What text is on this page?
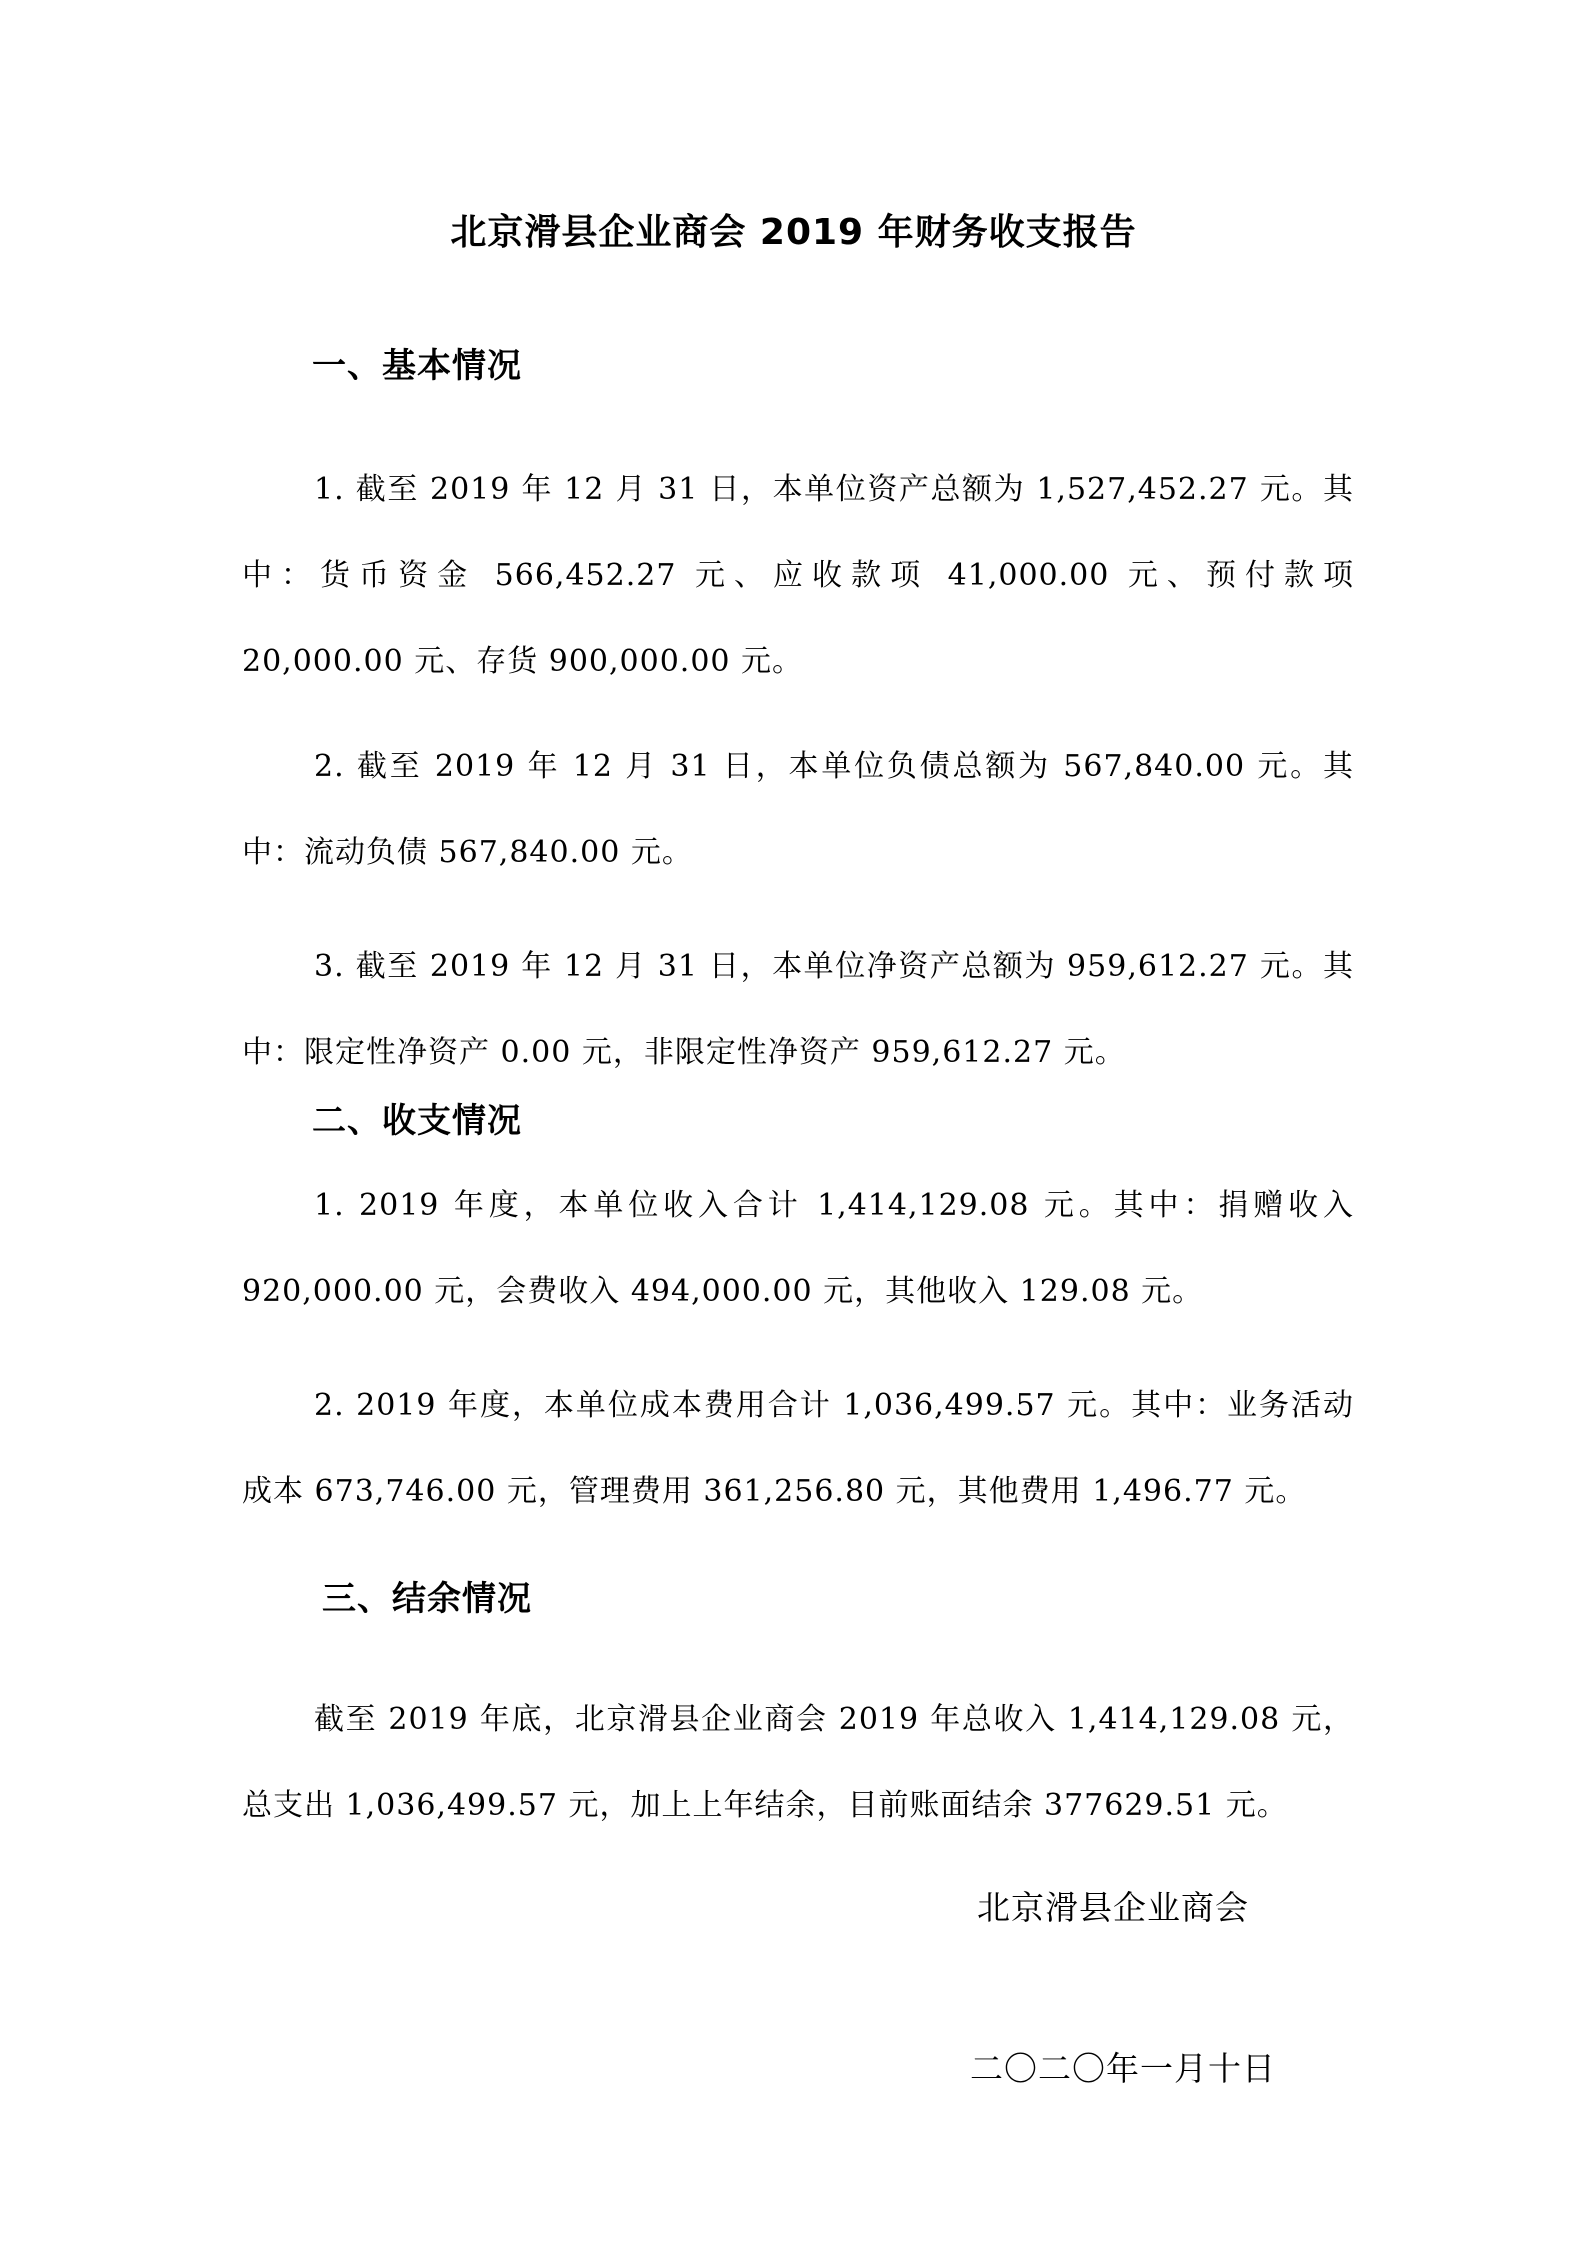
北京滑县企业商会 2019 年财务收支报告
一、基本情况
1. 截至 2019 年 12 月 31 日，本单位资产总额为 1,527,452.27 元。其中：货币资金 566,452.27 元、应收款项 41,000.00 元、预付款项 20,000.00 元、存货 900,000.00 元。
2. 截至 2019 年 12 月 31 日，本单位负债总额为 567,840.00 元。其中：流动负债 567,840.00 元。
3. 截至 2019 年 12 月 31 日，本单位净资产总额为 959,612.27 元。其中：限定性净资产 0.00 元，非限定性净资产 959,612.27 元。
二、收支情况
1. 2019 年度，本单位收入合计 1,414,129.08 元。其中：捐赠收入 920,000.00 元，会费收入 494,000.00 元，其他收入 129.08 元。
2. 2019 年度，本单位成本费用合计 1,036,499.57 元。其中：业务活动成本 673,746.00 元，管理费用 361,256.80 元，其他费用 1,496.77 元。
三、结余情况
截至 2019 年底，北京滑县企业商会 2019 年总收入 1,414,129.08 元，总支出 1,036,499.57 元，加上上年结余，目前账面结余 377629.51 元。
北京滑县企业商会
二〇二〇年一月十日
